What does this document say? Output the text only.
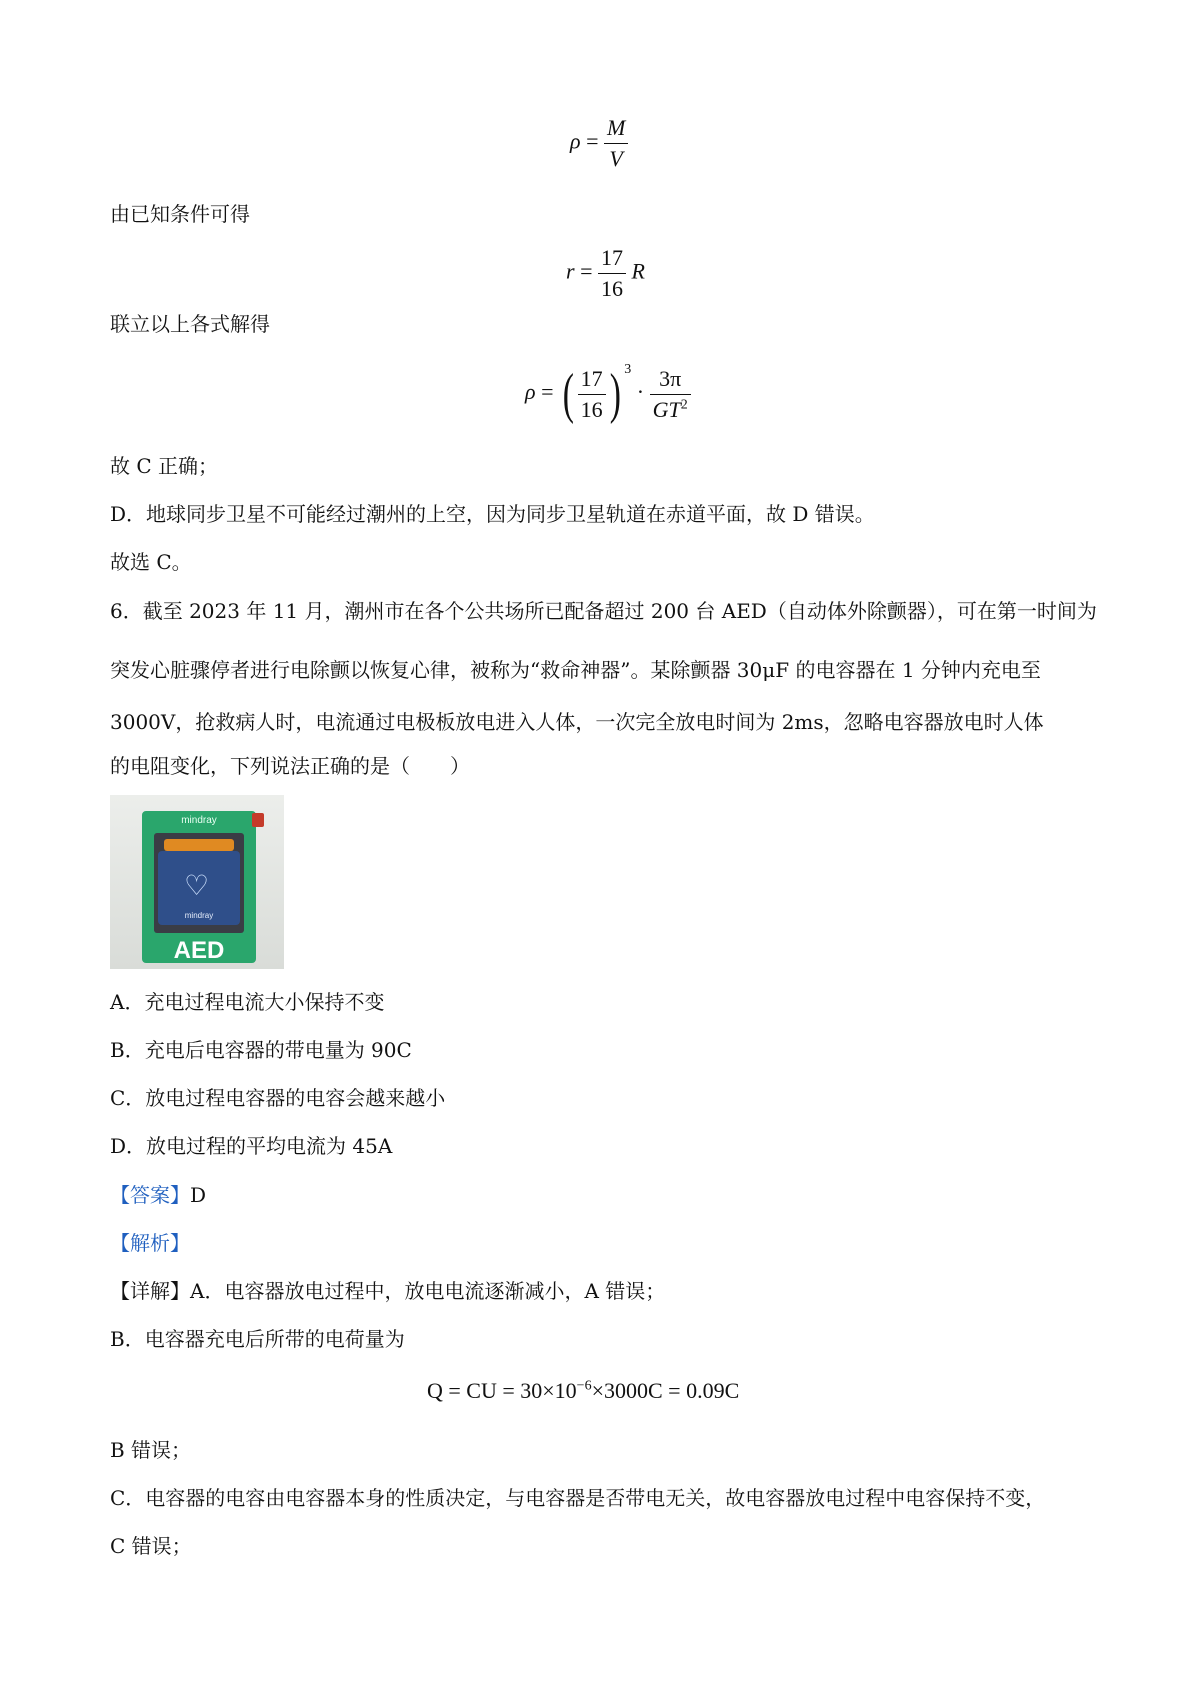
$\rho = \frac{M}{V}$
由已知条件可得
$r = \frac{17}{16}$ R
联立以上各式解得
ρ = ( $\frac{17}{16}$ ) $^3 \cdot \frac{3\pi}{GT^2}$
故 C 正确；
D．地球同步卫星不可能经过潮州的上空，因为同步卫星轨道在赤道平面，故 D 错误。
故选 C。
6．截至 2023 年 11 月，潮州市在各个公共场所已配备超过 200 台 AED（自动体外除颤器），可在第一时间为
突发心脏骤停者进行电除颤以恢复心律，被称为“救命神器”。某除颤器 30μF 的电容器在 1 分钟内充电至
3000V，抢救病人时，电流通过电极板放电进入人体，一次完全放电时间为 2ms，忽略电容器放电时人体
的电阻变化，下列说法正确的是（　　）
mindray
♡
mindray
AED
A．充电过程电流大小保持不变
B．充电后电容器的带电量为 90C
C．放电过程电容器的电容会越来越小
D．放电过程的平均电流为 45A
【答案】D
【解析】
【详解】A．电容器放电过程中，放电电流逐渐减小，A 错误；
B．电容器充电后所带的电荷量为
Q = CU = $30\times 10^{-6}\times 3000C = 0.09C$
B 错误；
C．电容器的电容由电容器本身的性质决定，与电容器是否带电无关，故电容器放电过程中电容保持不变，
C 错误；
